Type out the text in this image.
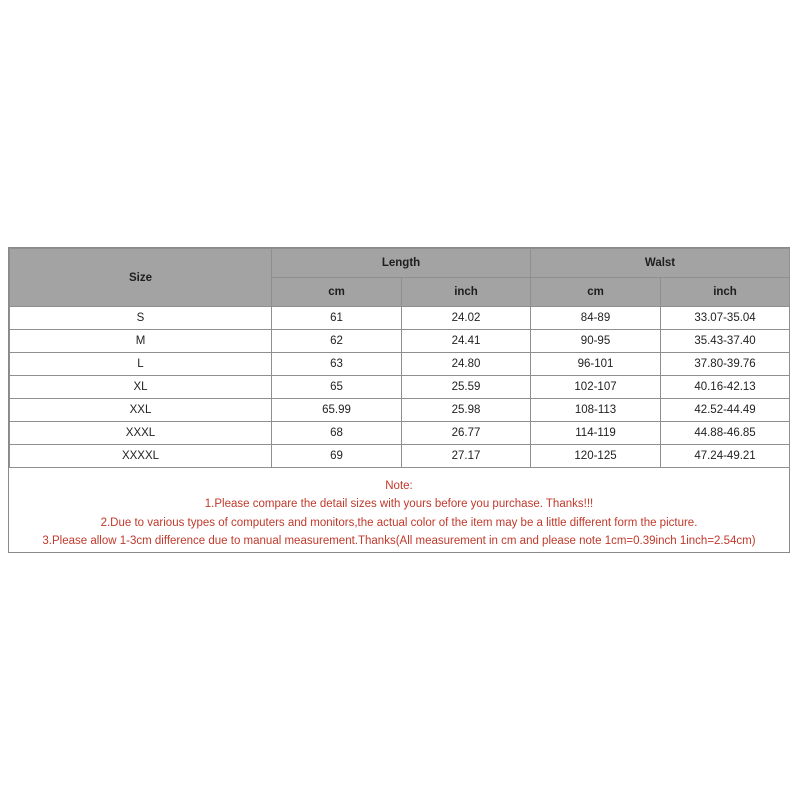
Size	Length		Walst	
	cm	inch	cm	inch
S	61	24.02	84-89	33.07-35.04
M	62	24.41	90-95	35.43-37.40
L	63	24.80	96-101	37.80-39.76
XL	65	25.59	102-107	40.16-42.13
XXL	65.99	25.98	108-113	42.52-44.49
XXXL	68	26.77	114-119	44.88-46.85
XXXXL	69	27.17	120-125	47.24-49.21
Note:
1.Please compare the detail sizes with yours before you purchase. Thanks!!!
2.Due to various types of computers and monitors,the actual color of the item may be a little different form the picture.
3.Please allow 1-3cm difference due to manual measurement.Thanks(All measurement in cm and please note 1cm=0.39inch 1inch=2.54cm)
